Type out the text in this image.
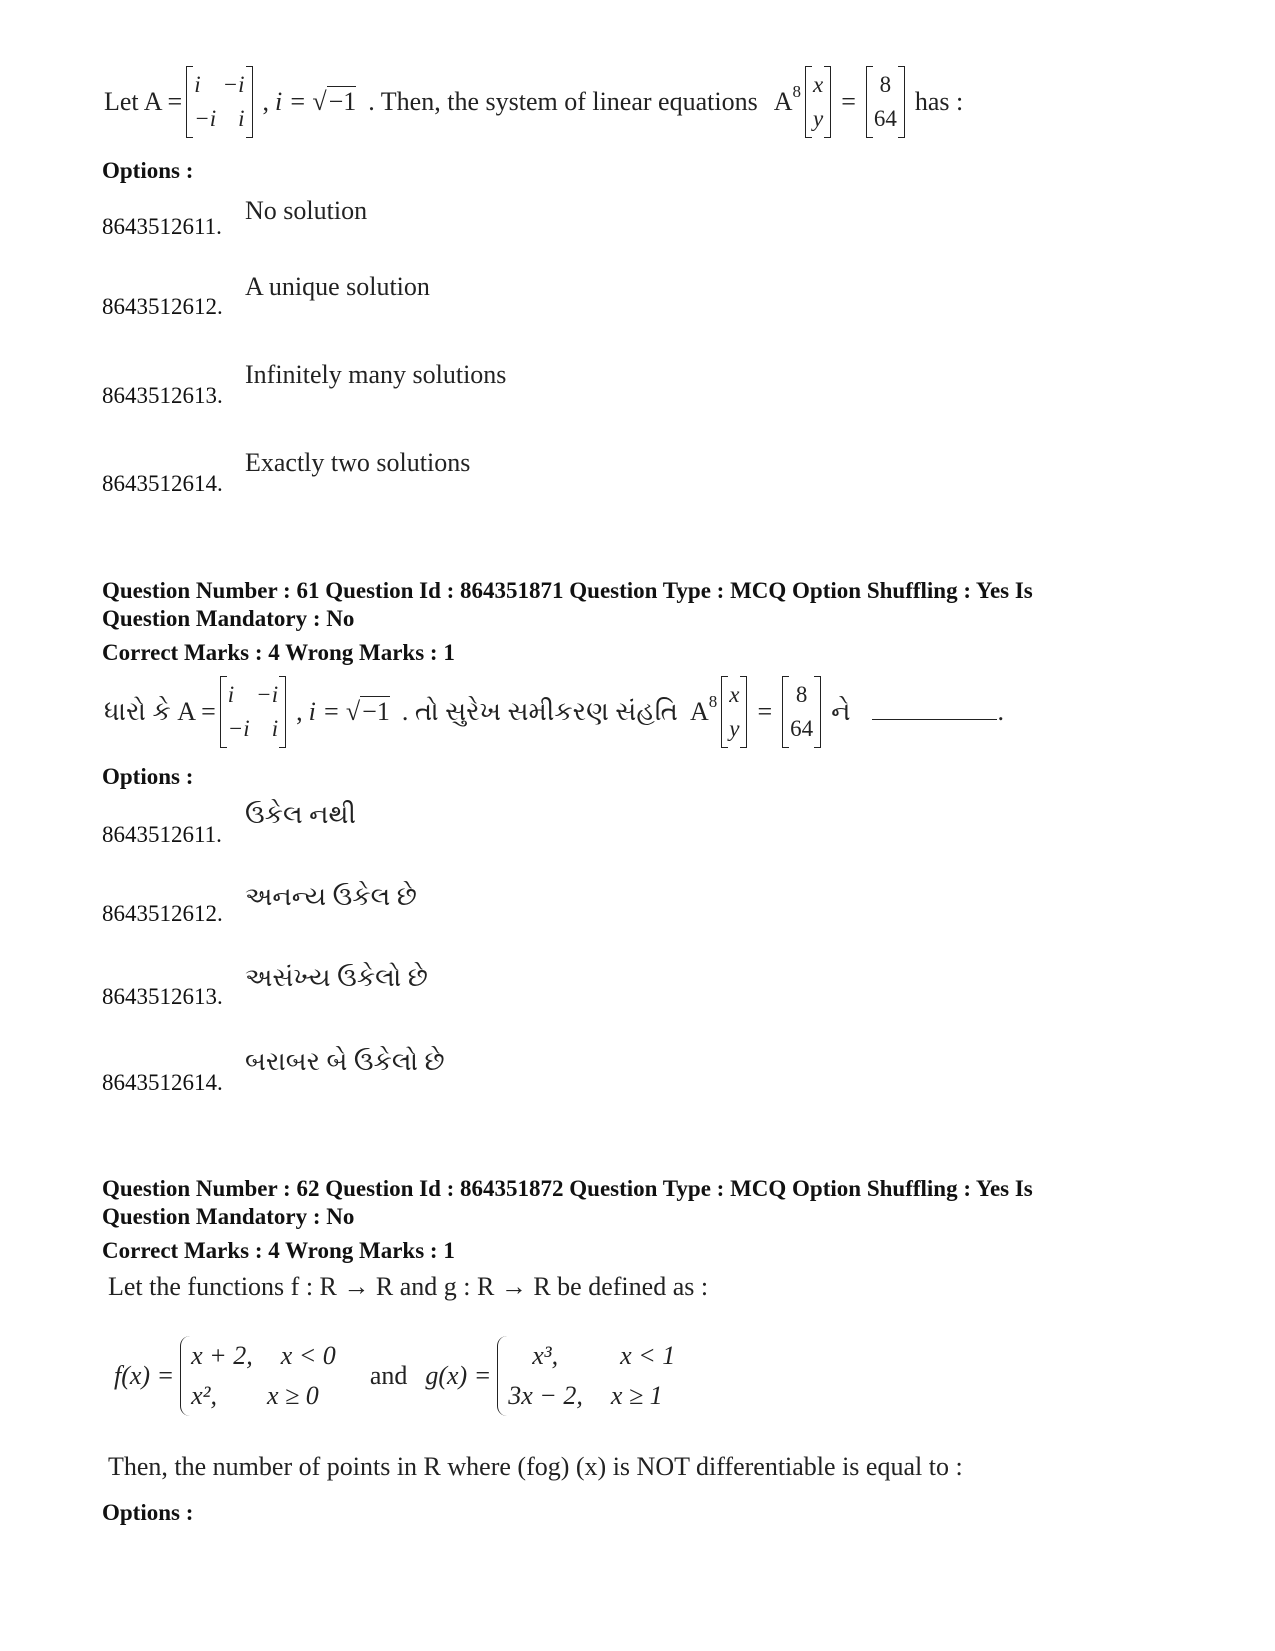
Let A =
i −i
−i i
, i = √−1 . Then, the system of linear equations A 8 x
y
=
8
64
has :
Options :
8643512611.
No solution
8643512612.
A unique solution
8643512613.
Infinitely many solutions
8643512614.
Exactly two solutions
Question Number : 61 Question Id : 864351871 Question Type : MCQ Option Shuffling : Yes Is
Question Mandatory : No
Correct Marks : 4 Wrong Marks : 1
ધારો કે A =
i −i
−i i
, i = √−1 . તો સુરેખ સમીકરણ સંહતિ A 8 x
y
=
8
64
ને	.
Options :
8643512611.
ઉકેલ નથી
8643512612.
અનન્ય ઉકેલ છે
8643512613.
અસંખ્ય ઉકેલો છે
8643512614.
બરાબર બે ઉકેલો છે
Question Number : 62 Question Id : 864351872 Question Type : MCQ Option Shuffling : Yes Is
Question Mandatory : No
Correct Marks : 4 Wrong Marks : 1
Let the functions f : R → R and g : R → R be defined as :
f(x) =
x + 2, x < 0
x², x ≥ 0
and g(x) =
x³, x < 1
3x − 2, x ≥ 1
Then, the number of points in R where (fog) (x) is NOT differentiable is equal to :
Options :
